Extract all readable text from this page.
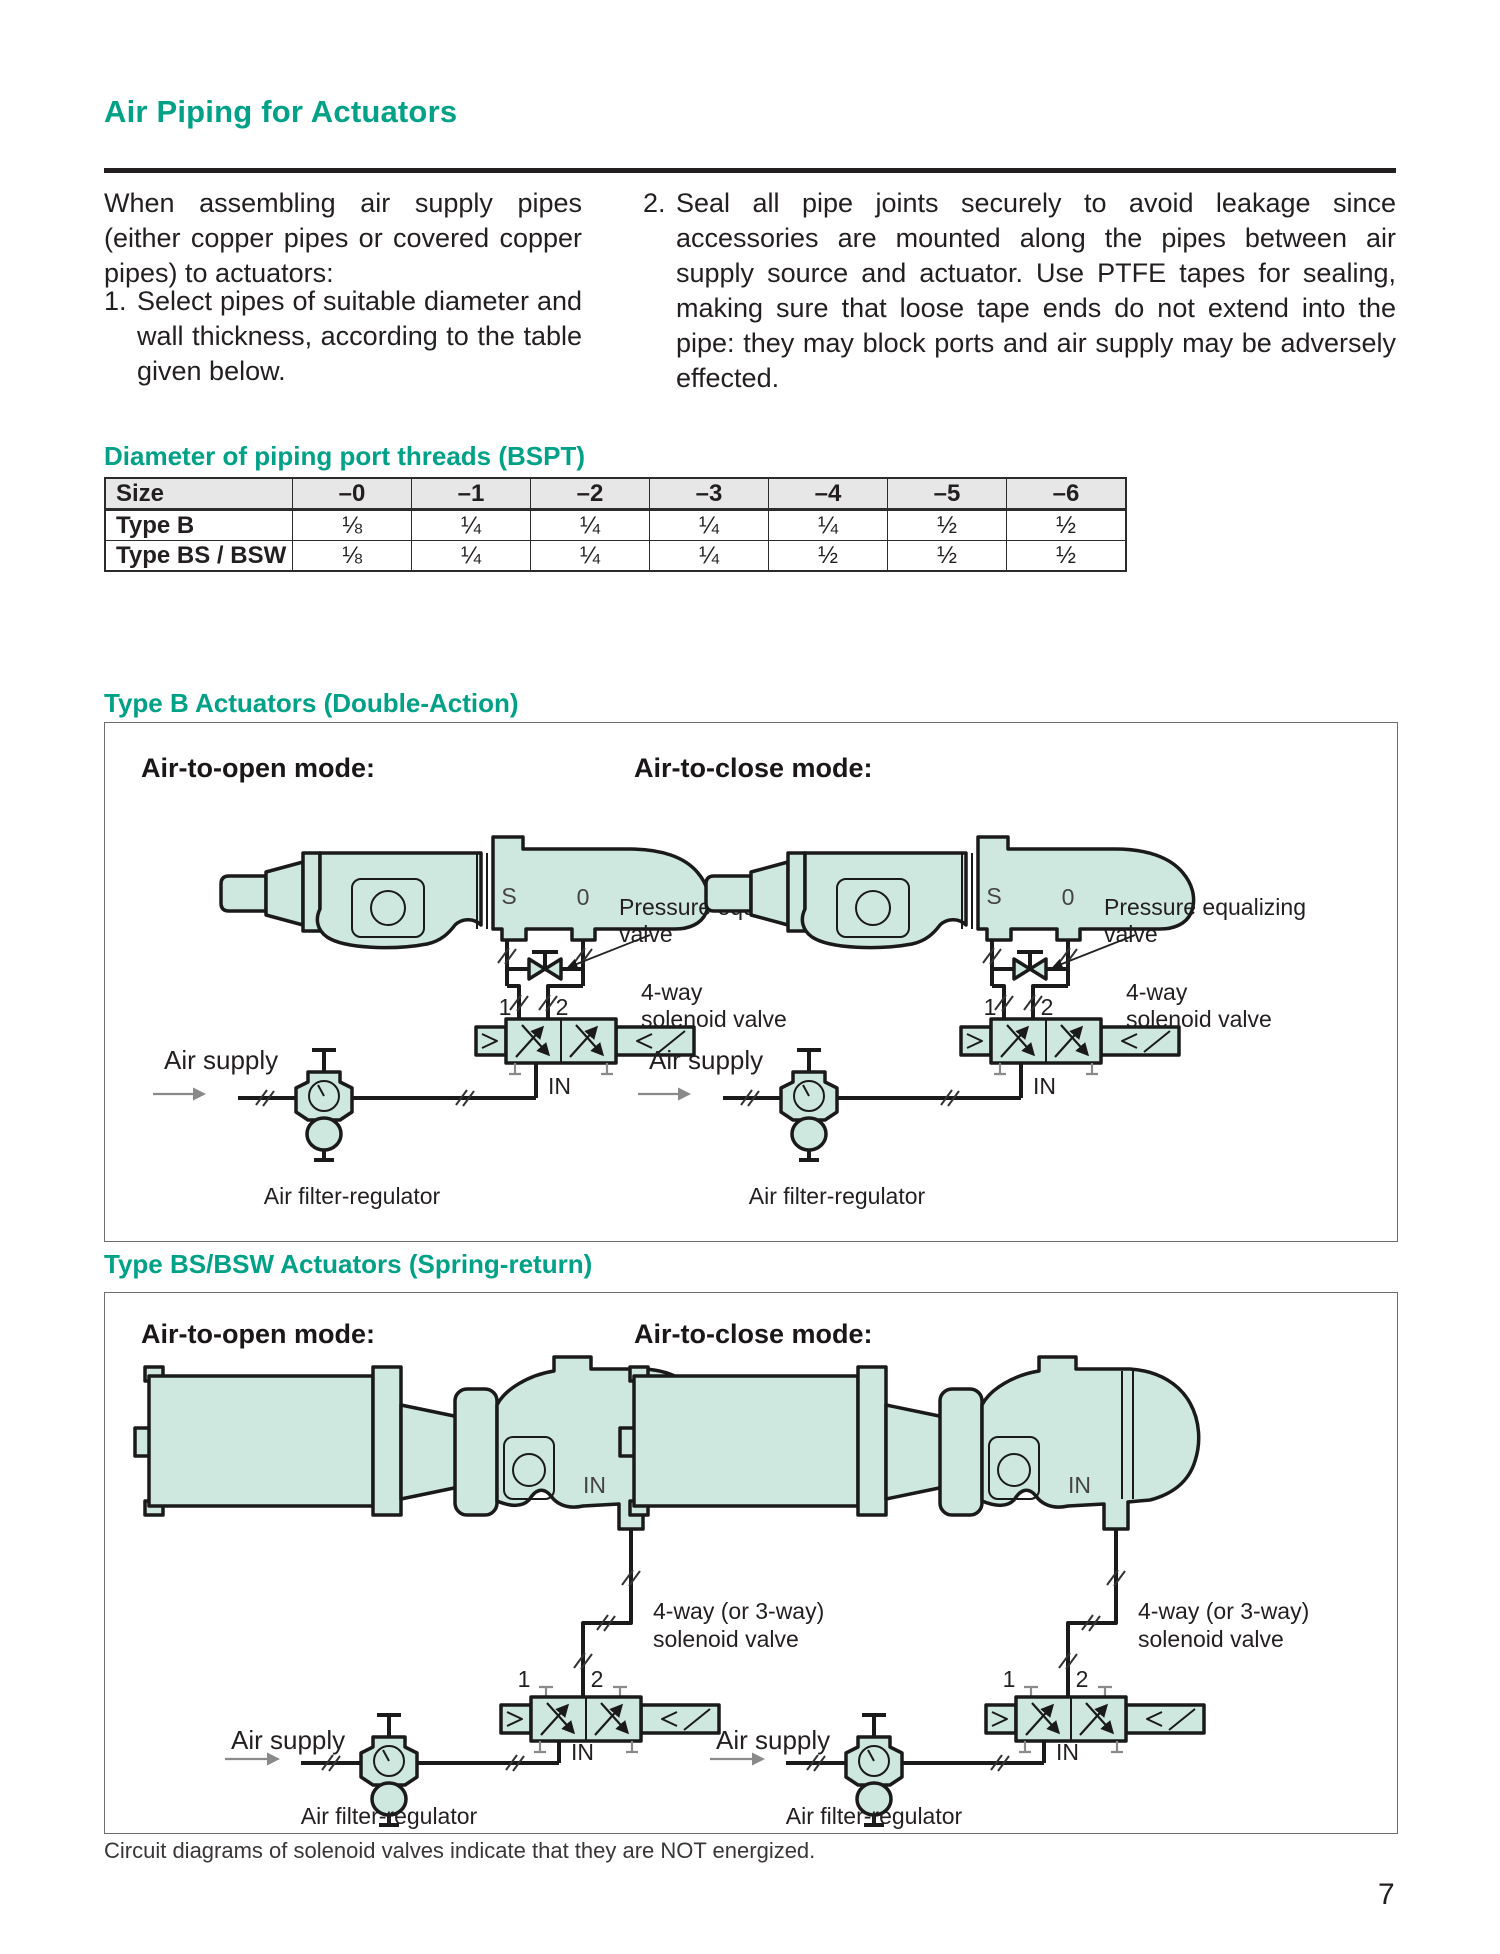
Air Piping for Actuators
When assembling air supply pipes (either copper pipes or covered copper pipes) to actuators:
1. Select pipes of suitable diameter and wall thickness, according to the table given below.
2. Seal all pipe joints securely to avoid leakage since accessories are mounted along the pipes between air supply source and actuator. Use PTFE tapes for sealing, making sure that loose tape ends do not extend into the pipe: they may block ports and air supply may be adversely effected.
Diameter of piping port threads (BSPT)
Size	–0	–1	–2	–3	–4	–5	–6
Type B	⅛	¼	¼	¼	¼	½	½
Type BS / BSW	⅛	¼	¼	¼	½	½	½
Type B Actuators (Double-Action)
Air-to-open mode:	Air-to-close mode:
Type BS/BSW Actuators (Spring-return)
Air-to-open mode:	Air-to-close mode:
Circuit diagrams of solenoid valves indicate that they are NOT energized.
7
